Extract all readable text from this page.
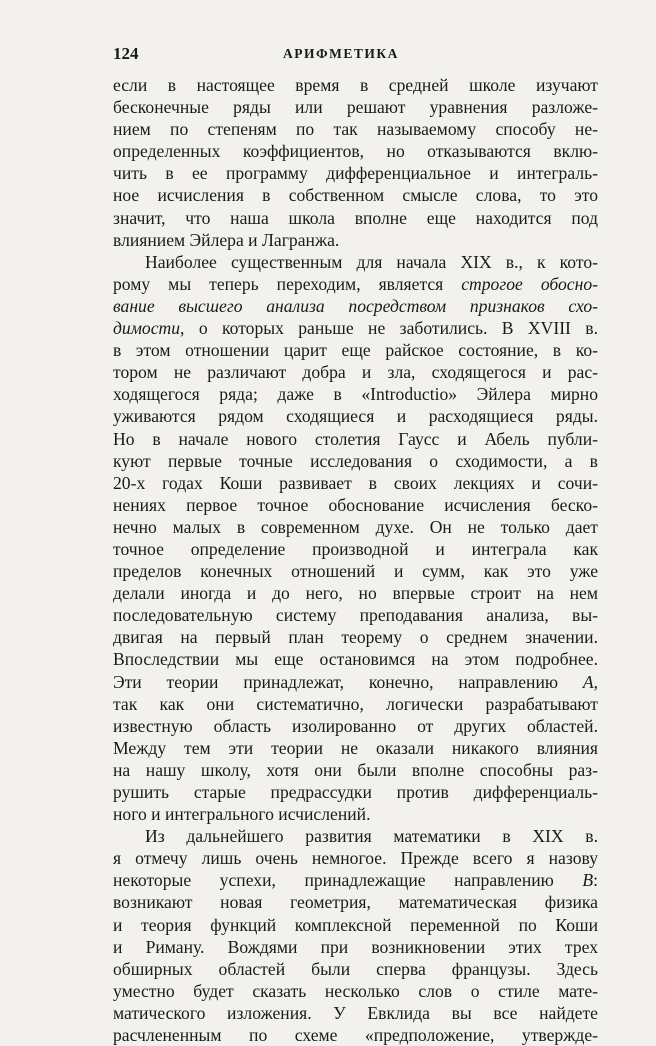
124	АРИФМЕТИКА
если в настоящее время в средней школе изучают
бесконечные ряды или решают уравнения разложе-
нием по степеням по так называемому способу не-
определенных коэффициентов, но отказываются вклю-
чить в ее программу дифференциальное и интеграль-
ное исчисления в собственном смысле слова, то это
значит, что наша школа вполне еще находится под
влиянием Эйлера и Лагранжа.
Наиболее существенным для начала XIX в., к кото-
рому мы теперь переходим, является строгое обосно-
вание высшего анализа посредством признаков схо-
димости, о которых раньше не заботились. В XVIII в.
в этом отношении царит еще райское состояние, в ко-
тором не различают добра и зла, сходящегося и рас-
ходящегося ряда; даже в «Introductio» Эйлера мирно
уживаются рядом сходящиеся и расходящиеся ряды.
Но в начале нового столетия Гаусс и Абель публи-
куют первые точные исследования о сходимости, а в
20-х годах Коши развивает в своих лекциях и сочи-
нениях первое точное обоснование исчисления беско-
нечно малых в современном духе. Он не только дает
точное определение производной и интеграла как
пределов конечных отношений и сумм, как это уже
делали иногда и до него, но впервые строит на нем
последовательную систему преподавания анализа, вы-
двигая на первый план теорему о среднем значении.
Впоследствии мы еще остановимся на этом подробнее.
Эти теории принадлежат, конечно, направлению А,
так как они систематично, логически разрабатывают
известную область изолированно от других областей.
Между тем эти теории не оказали никакого влияния
на нашу школу, хотя они были вполне способны раз-
рушить старые предрассудки против дифференциаль-
ного и интегрального исчислений.
Из дальнейшего развития математики в XIX в.
я отмечу лишь очень немногое. Прежде всего я назову
некоторые успехи, принадлежащие направлению В:
возникают новая геометрия, математическая физика
и теория функций комплексной переменной по Коши
и Риману. Вождями при возникновении этих трех
обширных областей были сперва французы. Здесь
уместно будет сказать несколько слов о стиле мате-
матического изложения. У Евклида вы все найдете
расчлененным по схеме «предположение, утвержде-
